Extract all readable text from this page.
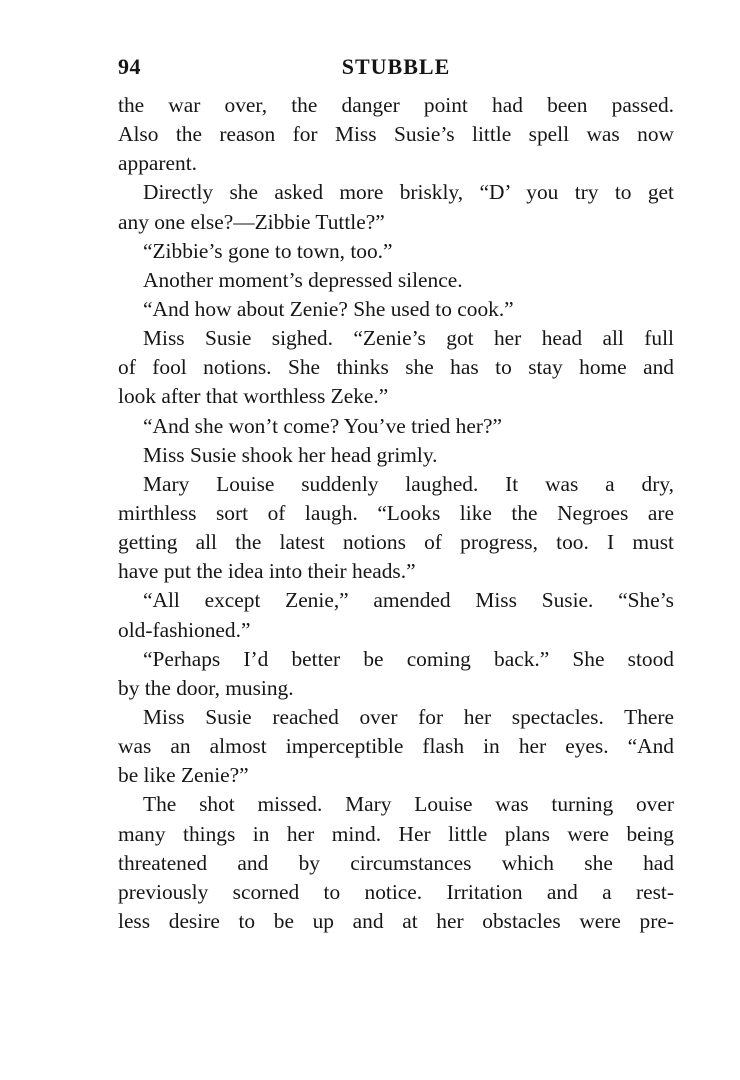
94	STUBBLE
the war over, the danger point had been passed.
Also the reason for Miss Susie’s little spell was now
apparent.
Directly she asked more briskly, “D’ you try to get
any one else?—Zibbie Tuttle?”
“Zibbie’s gone to town, too.”
Another moment’s depressed silence.
“And how about Zenie? She used to cook.”
Miss Susie sighed. “Zenie’s got her head all full
of fool notions. She thinks she has to stay home and
look after that worthless Zeke.”
“And she won’t come? You’ve tried her?”
Miss Susie shook her head grimly.
Mary Louise suddenly laughed. It was a dry,
mirthless sort of laugh. “Looks like the Negroes are
getting all the latest notions of progress, too. I must
have put the idea into their heads.”
“All except Zenie,” amended Miss Susie. “She’s
old-fashioned.”
“Perhaps I’d better be coming back.” She stood
by the door, musing.
Miss Susie reached over for her spectacles. There
was an almost imperceptible flash in her eyes. “And
be like Zenie?”
The shot missed. Mary Louise was turning over
many things in her mind. Her little plans were being
threatened and by circumstances which she had
previously scorned to notice. Irritation and a rest-
less desire to be up and at her obstacles were pre-
